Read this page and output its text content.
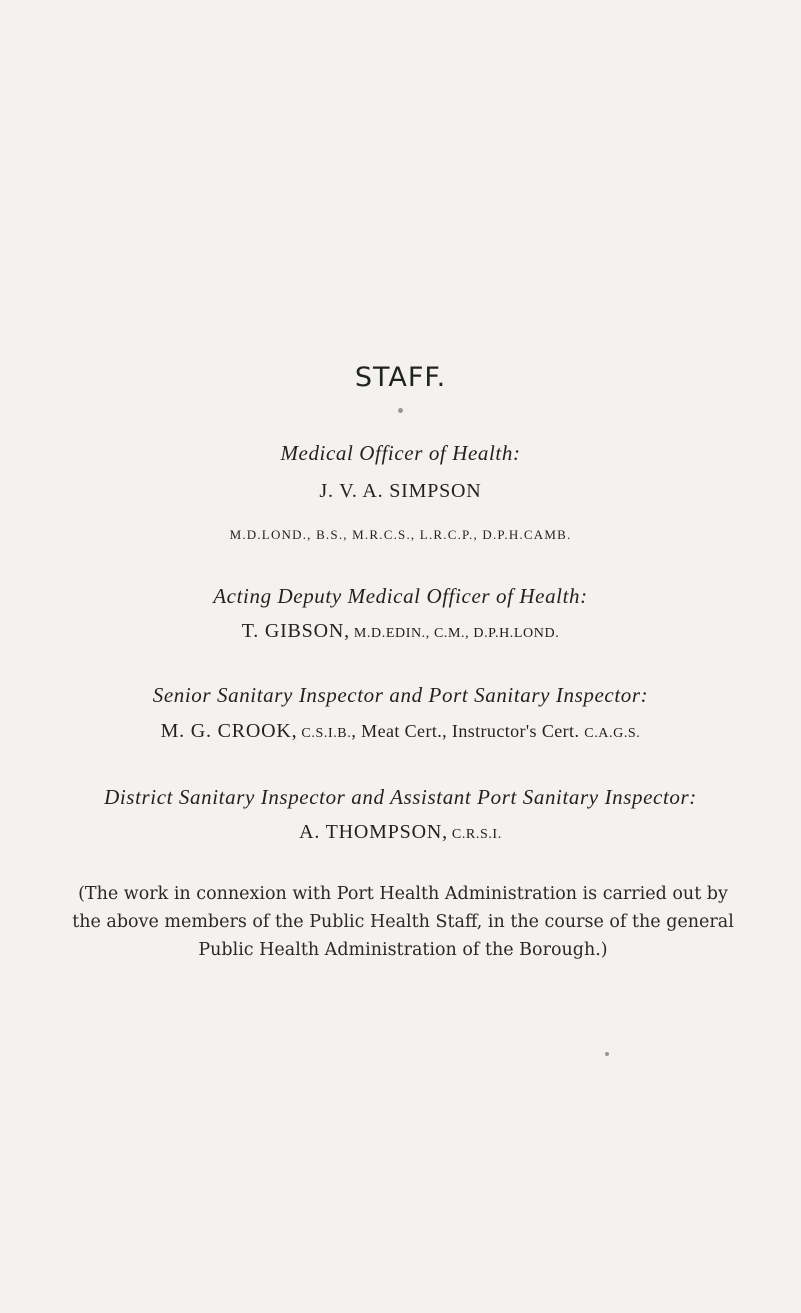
STAFF.
Medical Officer of Health:
J. V. A. SIMPSON
M.D.LOND., B.S., M.R.C.S., L.R.C.P., D.P.H.CAMB.
Acting Deputy Medical Officer of Health:
T. GIBSON, M.D.EDIN., C.M., D.P.H.LOND.
Senior Sanitary Inspector and Port Sanitary Inspector:
M. G. CROOK, C.S.I.B., Meat Cert., Instructor's Cert. C.A.G.S.
District Sanitary Inspector and Assistant Port Sanitary Inspector:
A. THOMPSON, C.R.S.I.
(The work in connexion with Port Health Administration is carried out by
the above members of the Public Health Staff, in the course of the general
Public Health Administration of the Borough.)
